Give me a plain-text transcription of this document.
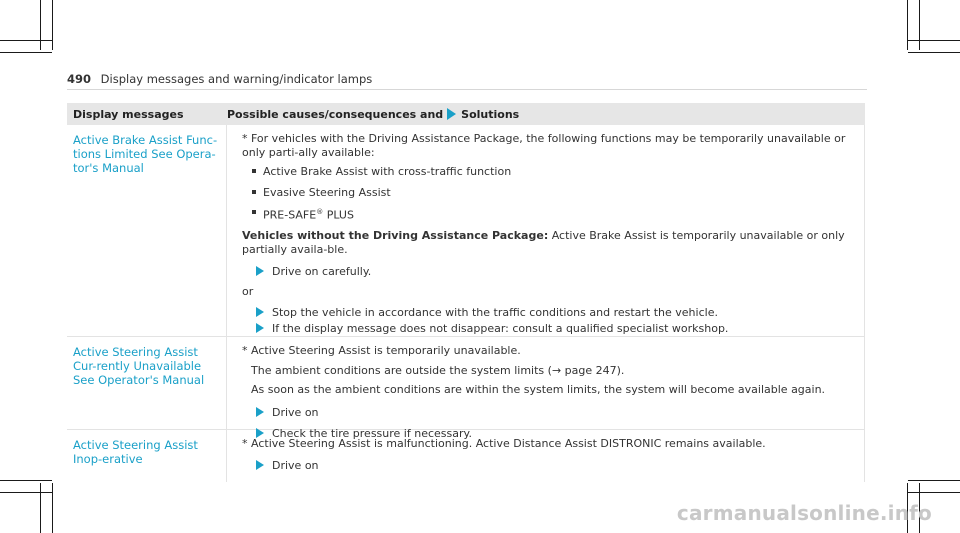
490 Display messages and warning/indicator lamps
Display messages	Possible causes/consequences and Solutions
Active Brake Assist Func-tions Limited See Opera-tor's Manual
* For vehicles with the Driving Assistance Package, the following functions may be temporarily unavailable or only parti-ally available:
Active Brake Assist with cross-traffic function
Evasive Steering Assist
PRE-SAFE® PLUS
Vehicles without the Driving Assistance Package: Active Brake Assist is temporarily unavailable or only partially availa-ble.
Drive on carefully.
or
Stop the vehicle in accordance with the traffic conditions and restart the vehicle.
If the display message does not disappear: consult a qualified specialist workshop.
Active Steering Assist Cur-rently Unavailable See Operator's Manual
* Active Steering Assist is temporarily unavailable.
The ambient conditions are outside the system limits (→ page 247).
As soon as the ambient conditions are within the system limits, the system will become available again.
Drive on
Check the tire pressure if necessary.
Active Steering Assist Inop-erative
* Active Steering Assist is malfunctioning. Active Distance Assist DISTRONIC remains available.
Drive on
carmanualsonline.info
